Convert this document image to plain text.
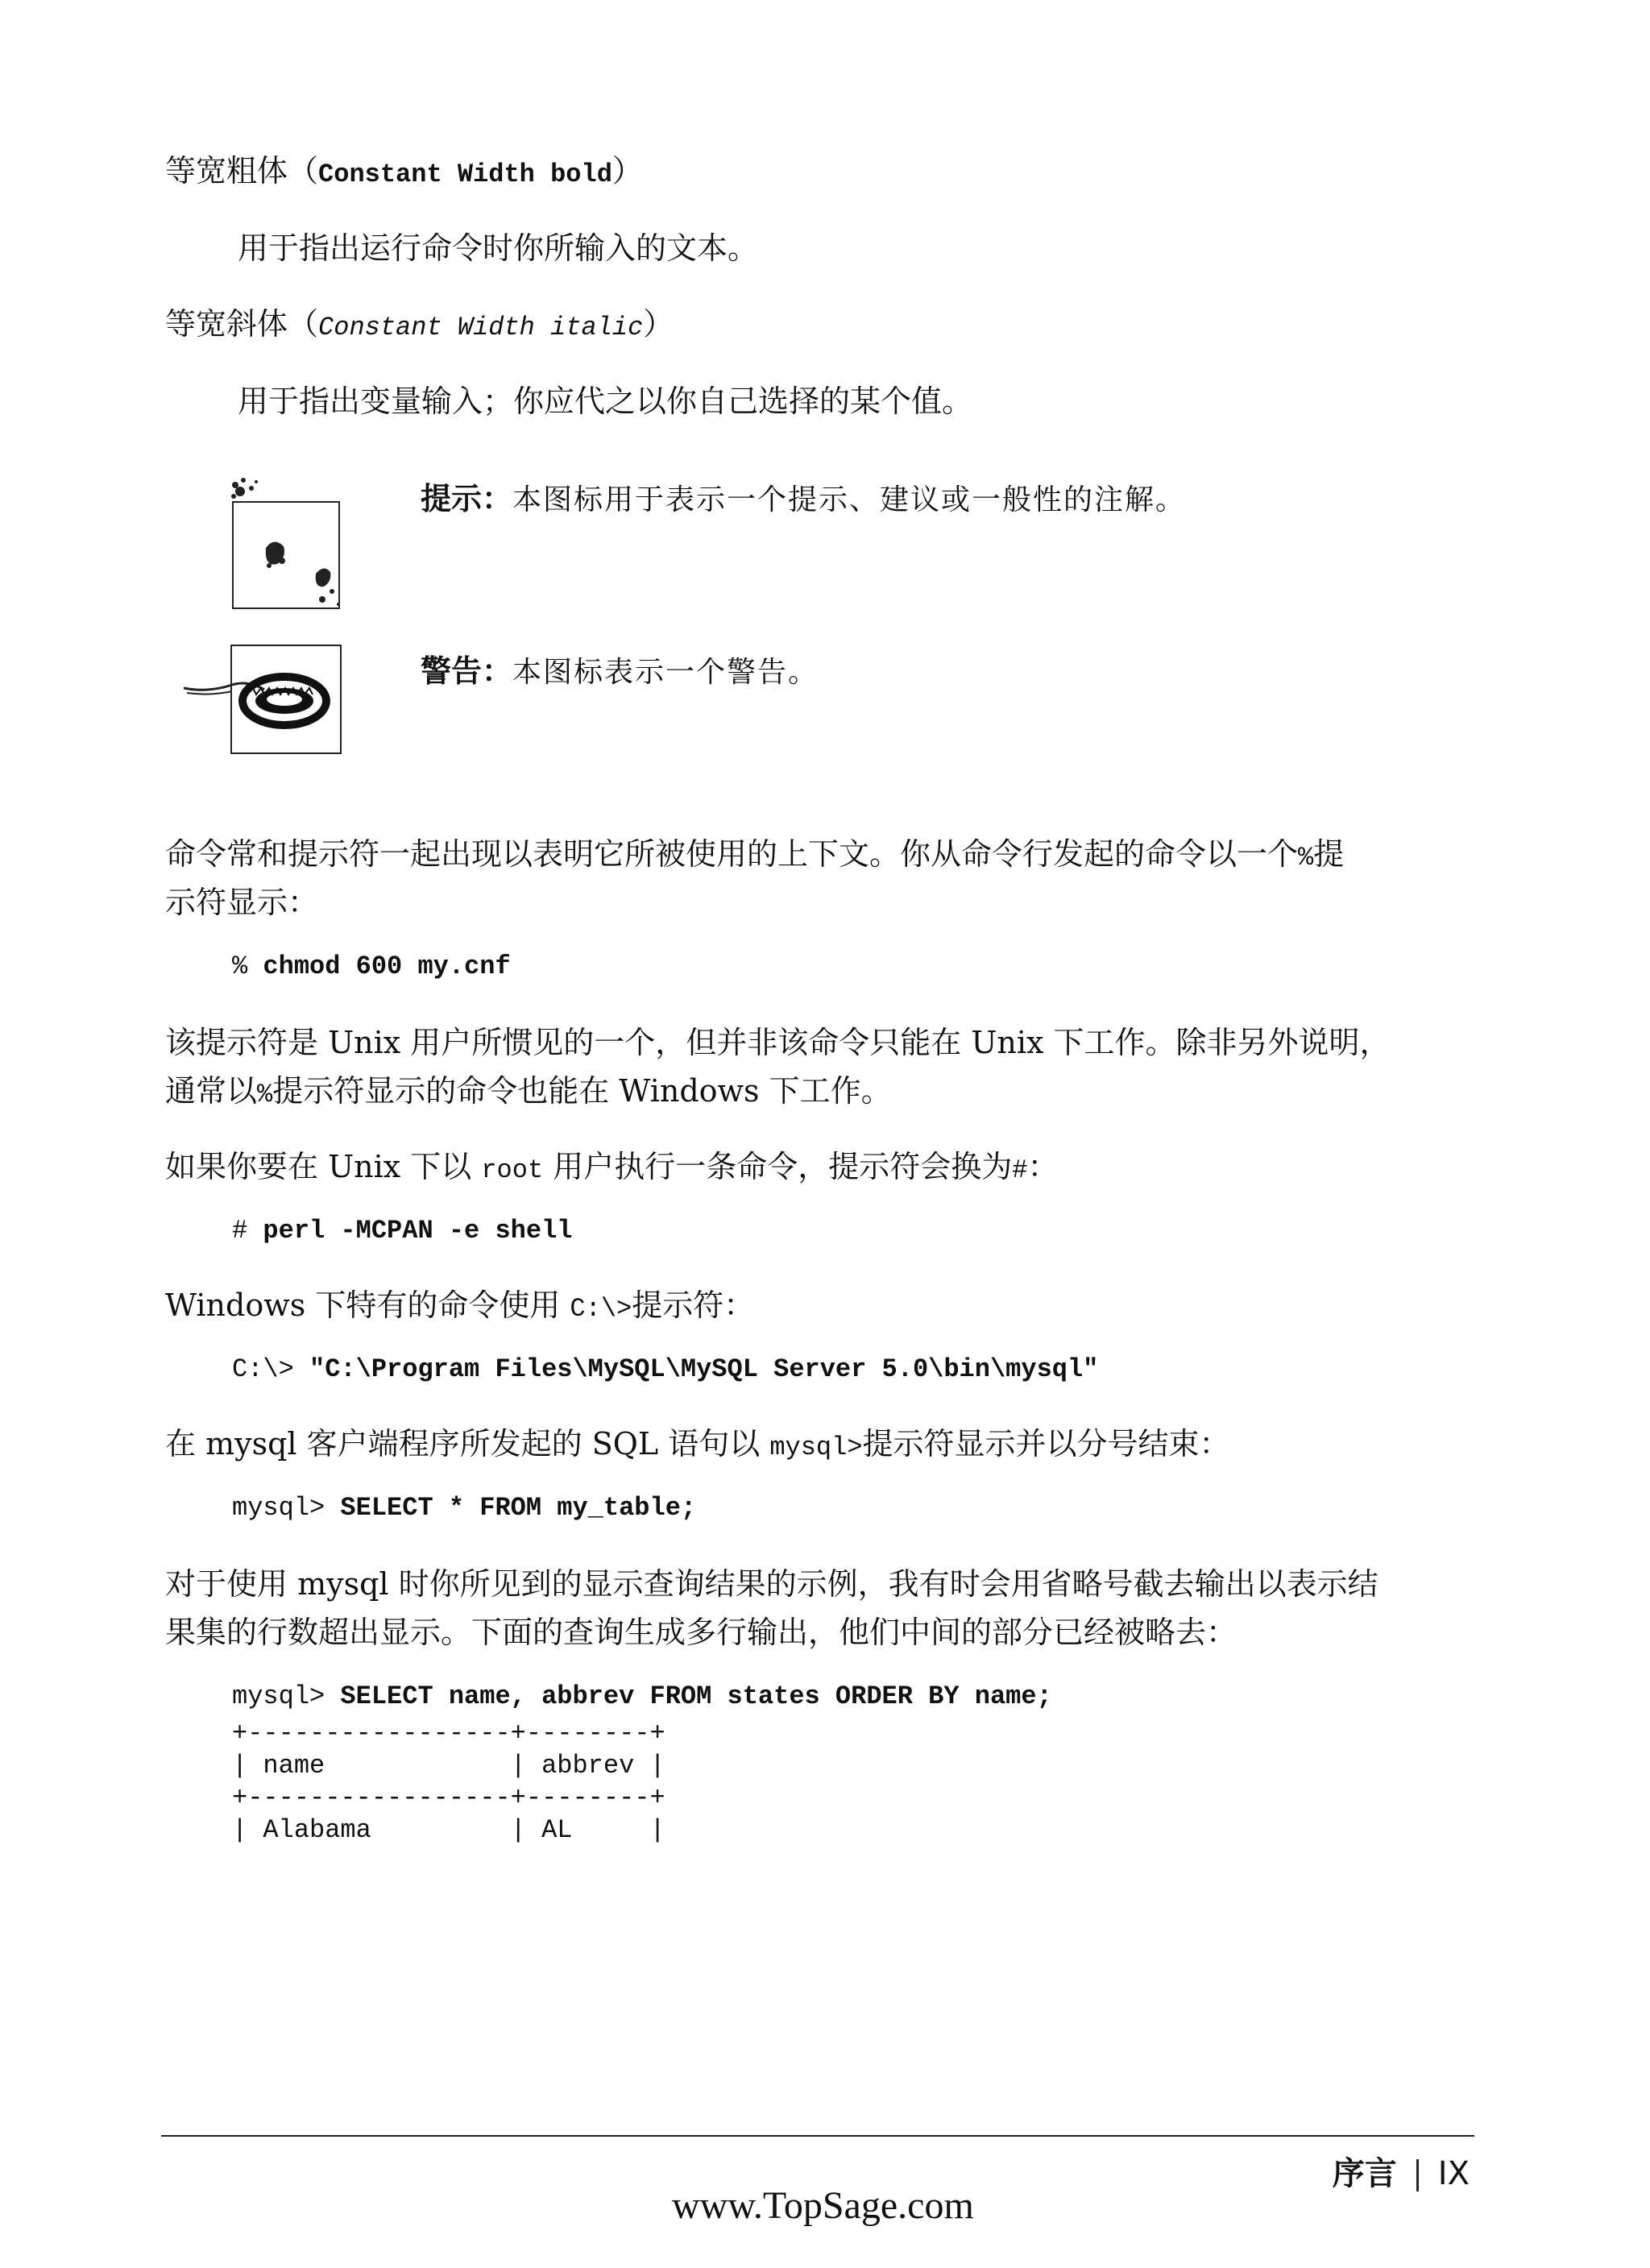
等宽粗体（Constant Width bold）
用于指出运行命令时你所输入的文本。
等宽斜体（Constant Width italic）
用于指出变量输入；你应代之以你自己选择的某个值。
提示：本图标用于表示一个提示、建议或一般性的注解。
警告：本图标表示一个警告。
命令常和提示符一起出现以表明它所被使用的上下文。你从命令行发起的命令以一个%提
示符显示：
% chmod 600 my.cnf
该提示符是 Unix 用户所惯见的一个，但并非该命令只能在 Unix 下工作。除非另外说明，
通常以%提示符显示的命令也能在 Windows 下工作。
如果你要在 Unix 下以 root 用户执行一条命令，提示符会换为#：
# perl -MCPAN -e shell
Windows 下特有的命令使用 C:\>提示符：
C:\> "C:\Program Files\MySQL\MySQL Server 5.0\bin\mysql"
在 mysql 客户端程序所发起的 SQL 语句以 mysql>提示符显示并以分号结束：
mysql> SELECT * FROM my_table;
对于使用 mysql 时你所见到的显示查询结果的示例，我有时会用省略号截去输出以表示结
果集的行数超出显示。下面的查询生成多行输出，他们中间的部分已经被略去：
mysql> SELECT name, abbrev FROM states ORDER BY name;
+-----------------+--------+
| name            | abbrev |
+-----------------+--------+
| Alabama         | AL     |
序言 IX
www.TopSage.com
